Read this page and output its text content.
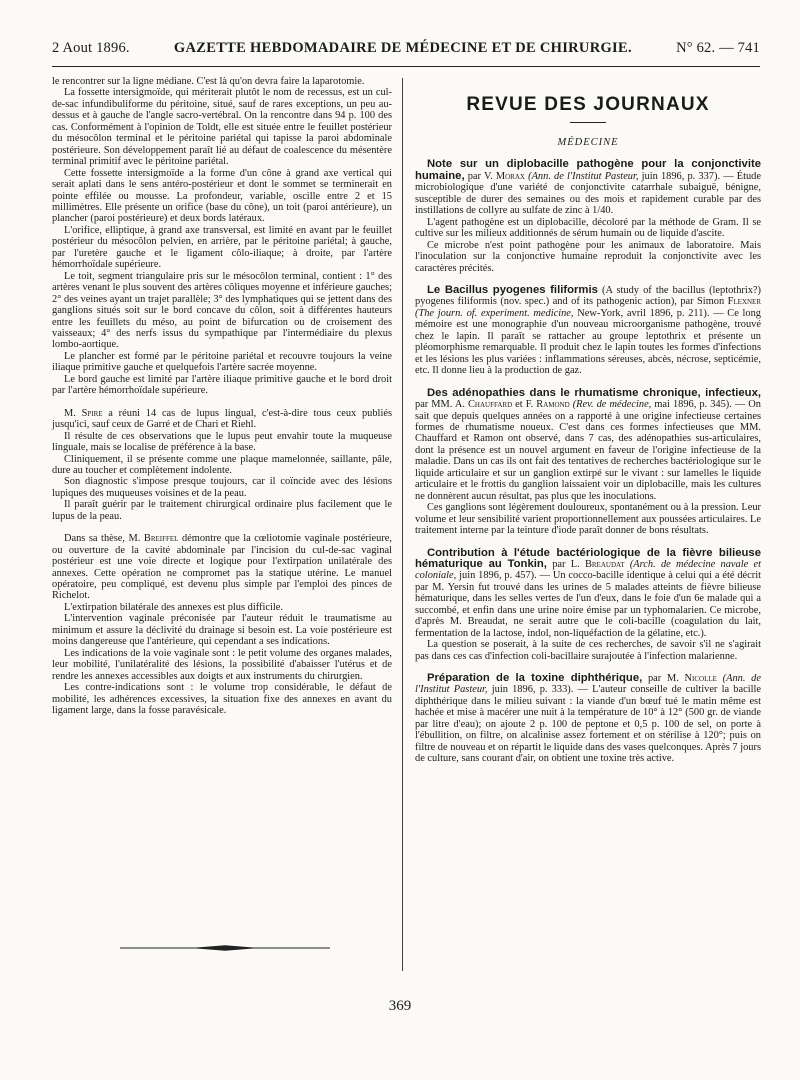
2 Aout 1896.	GAZETTE HEBDOMADAIRE DE MÉDECINE ET DE CHIRURGIE.	N° 62. — 741

le rencontrer sur la ligne médiane. C'est là qu'on devra faire la laparotomie.

La fossette intersigmoïde, qui mériterait plutôt le nom de recessus, est un cul-de-sac infundibuliforme du péritoine, situé, sauf de rares exceptions, un peu au-dessus et à gauche de l'angle sacro-vertébral. On la rencontre dans 94 p. 100 des cas. Conformément à l'opinion de Toldt, elle est située entre le feuillet postérieur du mésocôlon terminal et le péritoine pariétal qui tapisse la paroi abdominale postérieure. Son développement paraît lié au défaut de coalescence du mésentère terminal primitif avec le péritoine pariétal.

Cette fossette intersigmoïde a la forme d'un cône à grand axe vertical qui serait aplati dans le sens antéro-postérieur et dont le sommet se terminerait en pointe effilée ou mousse. La profondeur, variable, oscille entre 2 et 15 millimètres. Elle présente un orifice (base du cône), un toit (paroi antérieure), un plancher (paroi postérieure) et deux bords latéraux.

L'orifice, elliptique, à grand axe transversal, est limité en avant par le feuillet postérieur du mésocôlon pelvien, en arrière, par le péritoine pariétal; à gauche, par l'uretère gauche et le ligament côlo-iliaque; à droite, par l'artère hémorrhoïdale supérieure.

Le toit, segment triangulaire pris sur le mésocôlon terminal, contient : 1° des artères venant le plus souvent des artères côliques moyenne et inférieure gauches; 2° des veines ayant un trajet parallèle; 3° des lymphatiques qui se jettent dans des ganglions situés soit sur le bord concave du côlon, soit à différentes hauteurs entre les feuillets du méso, au point de bifurcation ou de croisement des vaisseaux; 4° des nerfs issus du sympathique par l'intermédiaire du plexus lombo-aortique.

Le plancher est formé par le péritoine pariétal et recouvre toujours la veine iliaque primitive gauche et quelquefois l'artère sacrée moyenne.

Le bord gauche est limité par l'artère iliaque primitive gauche et le bord droit par l'artère hémorrhoïdale supérieure.

M. Spire a réuni 14 cas de lupus lingual, c'est-à-dire tous ceux publiés jusqu'ici, sauf ceux de Garré et de Chari et Riehl.

Il résulte de ces observations que le lupus peut envahir toute la muqueuse linguale, mais se localise de préférence à la base.

Cliniquement, il se présente comme une plaque mamelonnée, saillante, pâle, dure au toucher et complètement indolente.

Son diagnostic s'impose presque toujours, car il coïncide avec des lésions lupiques des muqueuses voisines et de la peau.

Il paraît guérir par le traitement chirurgical ordinaire plus facilement que le lupus de la peau.

Dans sa thèse, M. Breiffel démontre que la cœliotomie vaginale postérieure, ou ouverture de la cavité abdominale par l'incision du cul-de-sac vaginal postérieur est une voie directe et logique pour l'extirpation unilatérale des annexes. Cette opération ne compromet pas la statique utérine. Le manuel opératoire, peu compliqué, est devenu plus simple par l'emploi des pinces de Richelot.

L'extirpation bilatérale des annexes est plus difficile.

L'intervention vaginale préconisée par l'auteur réduit le traumatisme au minimum et assure la déclivité du drainage si besoin est. La voie postérieure est moins dangereuse que l'antérieure, qui cependant a ses indications.

Les indications de la voie vaginale sont : le petit volume des organes malades, leur mobilité, l'unilatéralité des lésions, la possibilité d'abaisser l'utérus et de rendre les annexes accessibles aux doigts et aux instruments du chirurgien.

Les contre-indications sont : le volume trop considérable, le défaut de mobilité, les adhérences excessives, la situation fixe des annexes en avant du ligament large, dans la fosse paravésicale.

REVUE DES JOURNAUX
MÉDECINE

Note sur un diplobacille pathogène pour la conjonctivite humaine, par V. Morax (Ann. de l'Institut Pasteur, juin 1896, p. 337). — Étude microbiologique d'une variété de conjonctivite catarrhale subaiguë, bénigne, susceptible de durer des semaines ou des mois et rapidement curable par des instillations de collyre au sulfate de zinc à 1/40.

L'agent pathogène est un diplobacille, décoloré par la méthode de Gram. Il se cultive sur les milieux additionnés de sérum humain ou de liquide d'ascite.

Ce microbe n'est point pathogène pour les animaux de laboratoire. Mais l'inoculation sur la conjonctive humaine reproduit la conjonctivite avec les caractères précités.

Le Bacillus pyogenes filiformis (A study of the bacillus (leptothrix?) pyogenes filiformis (nov. spec.) and of its pathogenic action), par Simon Flexner (The journ. of. experiment. medicine, New-York, avril 1896, p. 211). — Ce long mémoire est une monographie d'un nouveau microorganisme pathogène, trouvé chez le lapin. Il paraît se rattacher au groupe leptothrix et présente un pléomorphisme remarquable. Il produit chez le lapin toutes les formes d'infections et les lésions les plus variées : inflammations séreuses, abcès, nécrose, septicémie, etc. Il donne lieu à la production de gaz.

Des adénopathies dans le rhumatisme chronique, infectieux, par MM. A. Chauffard et F. Ramond (Rev. de médecine, mai 1896, p. 345). — On sait que depuis quelques années on a rapporté à une origine infectieuse certaines formes de rhumatisme noueux. C'est dans ces formes infectieuses que MM. Chauffard et Ramon ont observé, dans 7 cas, des adénopathies sus-articulaires, dont la présence est un nouvel argument en faveur de l'origine infectieuse de la maladie. Dans un cas ils ont fait des tentatives de recherches bactériologique sur le liquide articulaire et sur un ganglion extirpé sur le vivant : sur lamelles le liquide articulaire et le frottis du ganglion laissaient voir un diplobacille, mais les cultures ne donnèrent aucun résultat, pas plus que les inoculations.

Ces ganglions sont légèrement douloureux, spontanément ou à la pression. Leur volume et leur sensibilité varient proportionnellement aux poussées articulaires. Le traitement interne par la teinture d'iode paraît donner de bons résultats.

Contribution à l'étude bactériologique de la fièvre bilieuse hématurique au Tonkin, par L. Breaudat (Arch. de médecine navale et coloniale, juin 1896, p. 457). — Un cocco-bacille identique à celui qui a été décrit par M. Yersin fut trouvé dans les urines de 5 malades atteints de fièvre bilieuse hématurique, dans les selles vertes de l'un d'eux, dans le foie d'un 6e malade qui a succombé, et enfin dans une urine noire émise par un typhomalarien. Ce microbe, d'après M. Breaudat, ne serait autre que le coli-bacille (coagulation du lait, fermentation de la lactose, indol, non-liquéfaction de la gélatine, etc.).

La question se poserait, à la suite de ces recherches, de savoir s'il ne s'agirait pas dans ces cas d'infection coli-bacillaire surajoutée à l'infection malarienne.

Préparation de la toxine diphthérique, par M. Nicolle (Ann. de l'Institut Pasteur, juin 1896, p. 333). — L'auteur conseille de cultiver la bacille diphthérique dans le milieu suivant : la viande d'un bœuf tué le matin même est hachée et mise à macérer une nuit à la température de 10° à 12° (500 gr. de viande par litre d'eau); on ajoute 2 p. 100 de peptone et 0,5 p. 100 de sel, on porte à l'ébullition, on filtre, on alcalinise assez fortement et on stérilise à 120°; puis on filtre de nouveau et on répartit le liquide dans des vases quelconques. Après 7 jours de culture, sans courant d'air, on obtient une toxine très active.

369
